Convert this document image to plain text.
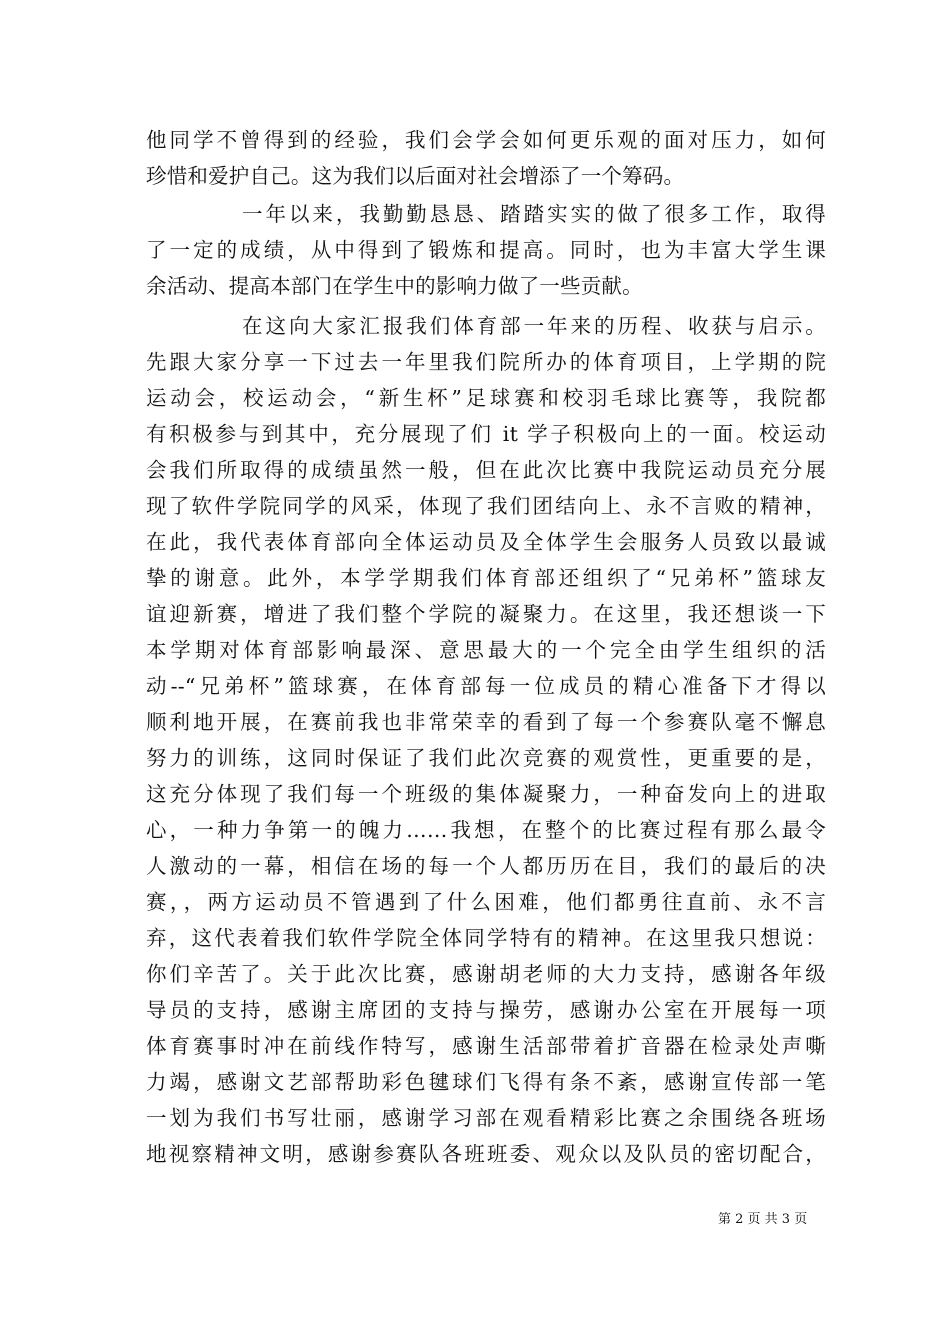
他同学不曾得到的经验，我们会学会如何更乐观的面对压力，如何
珍惜和爱护自己。这为我们以后面对社会增添了一个筹码。
一年以来，我勤勤恳恳、踏踏实实的做了很多工作，取得
了一定的成绩，从中得到了锻炼和提高。同时，也为丰富大学生课
余活动、提高本部门在学生中的影响力做了一些贡献。
在这向大家汇报我们体育部一年来的历程、收获与启示。
先跟大家分享一下过去一年里我们院所办的体育项目，上学期的院
运动会，校运动会，“新生杯”足球赛和校羽毛球比赛等，我院都
有积极参与到其中，充分展现了们 it 学子积极向上的一面。校运动
会我们所取得的成绩虽然一般，但在此次比赛中我院运动员充分展
现了软件学院同学的风采，体现了我们团结向上、永不言败的精神，
在此，我代表体育部向全体运动员及全体学生会服务人员致以最诚
挚的谢意。此外，本学学期我们体育部还组织了“兄弟杯”篮球友
谊迎新赛，增进了我们整个学院的凝聚力。在这里，我还想谈一下
本学期对体育部影响最深、意思最大的一个完全由学生组织的活
动--“兄弟杯”篮球赛，在体育部每一位成员的精心准备下才得以
顺利地开展，在赛前我也非常荣幸的看到了每一个参赛队毫不懈息
努力的训练，这同时保证了我们此次竞赛的观赏性，更重要的是，
这充分体现了我们每一个班级的集体凝聚力，一种奋发向上的进取
心，一种力争第一的魄力……我想，在整个的比赛过程有那么最令
人激动的一幕，相信在场的每一个人都历历在目，我们的最后的决
赛，，两方运动员不管遇到了什么困难，他们都勇往直前、永不言
弃，这代表着我们软件学院全体同学特有的精神。在这里我只想说：
你们辛苦了。关于此次比赛，感谢胡老师的大力支持，感谢各年级
导员的支持，感谢主席团的支持与操劳，感谢办公室在开展每一项
体育赛事时冲在前线作特写，感谢生活部带着扩音器在检录处声嘶
力竭，感谢文艺部帮助彩色毽球们飞得有条不紊，感谢宣传部一笔
一划为我们书写壮丽，感谢学习部在观看精彩比赛之余围绕各班场
地视察精神文明，感谢参赛队各班班委、观众以及队员的密切配合，
第 2 页 共 3 页
